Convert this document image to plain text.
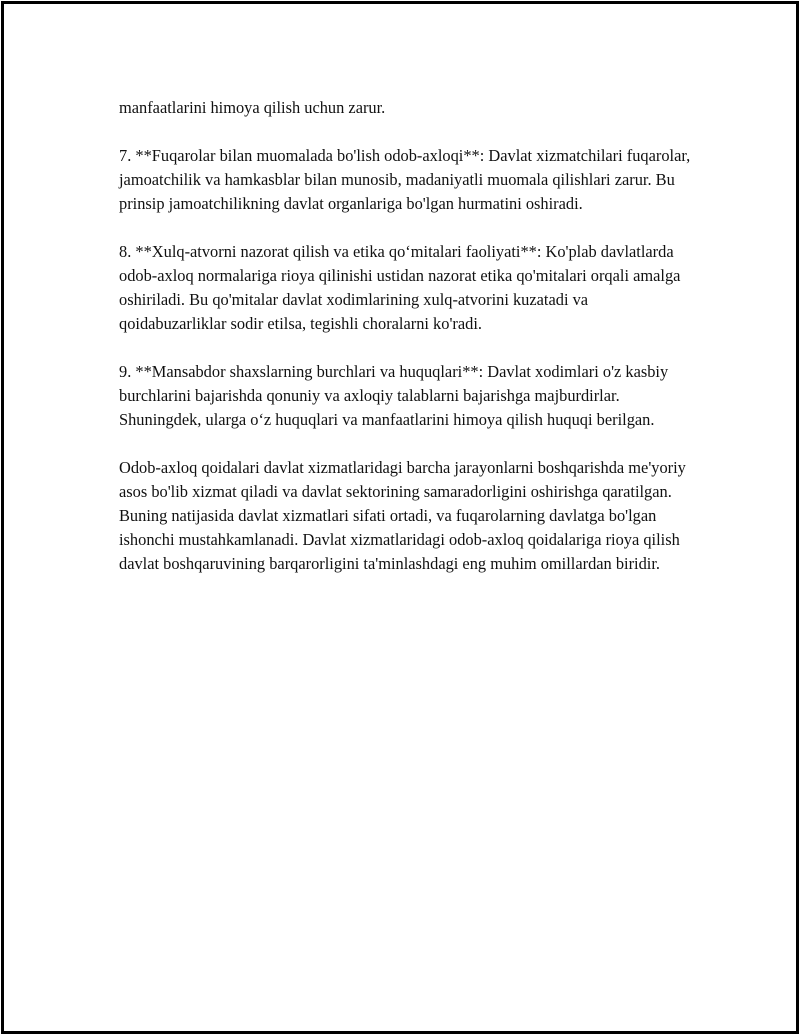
manfaatlarini himoya qilish uchun zarur.

7. **Fuqarolar bilan muomalada bo'lish odob-axloqi**: Davlat xizmatchilari fuqarolar, jamoatchilik va hamkasblar bilan munosib, madaniyatli muomala qilishlari zarur. Bu prinsip jamoatchilikning davlat organlariga bo'lgan hurmatini oshiradi.

8. **Xulq-atvorni nazorat qilish va etika qo‘mitalari faoliyati**: Ko'plab davlatlarda odob-axloq normalariga rioya qilinishi ustidan nazorat etika qo'mitalari orqali amalga oshiriladi. Bu qo'mitalar davlat xodimlarining xulq-atvorini kuzatadi va qoidabuzarliklar sodir etilsa, tegishli choralarni ko'radi.

9. **Mansabdor shaxslarning burchlari va huquqlari**: Davlat xodimlari o'z kasbiy burchlarini bajarishda qonuniy va axloqiy talablarni bajarishga majburdirlar. Shuningdek, ularga o‘z huquqlari va manfaatlarini himoya qilish huquqi berilgan.

Odob-axloq qoidalari davlat xizmatlaridagi barcha jarayonlarni boshqarishda me'yoriy asos bo'lib xizmat qiladi va davlat sektorining samaradorligini oshirishga qaratilgan. Buning natijasida davlat xizmatlari sifati ortadi, va fuqarolarning davlatga bo'lgan ishonchi mustahkamlanadi. Davlat xizmatlaridagi odob-axloq qoidalariga rioya qilish davlat boshqaruvining barqarorligini ta'minlashdagi eng muhim omillardan biridir.
